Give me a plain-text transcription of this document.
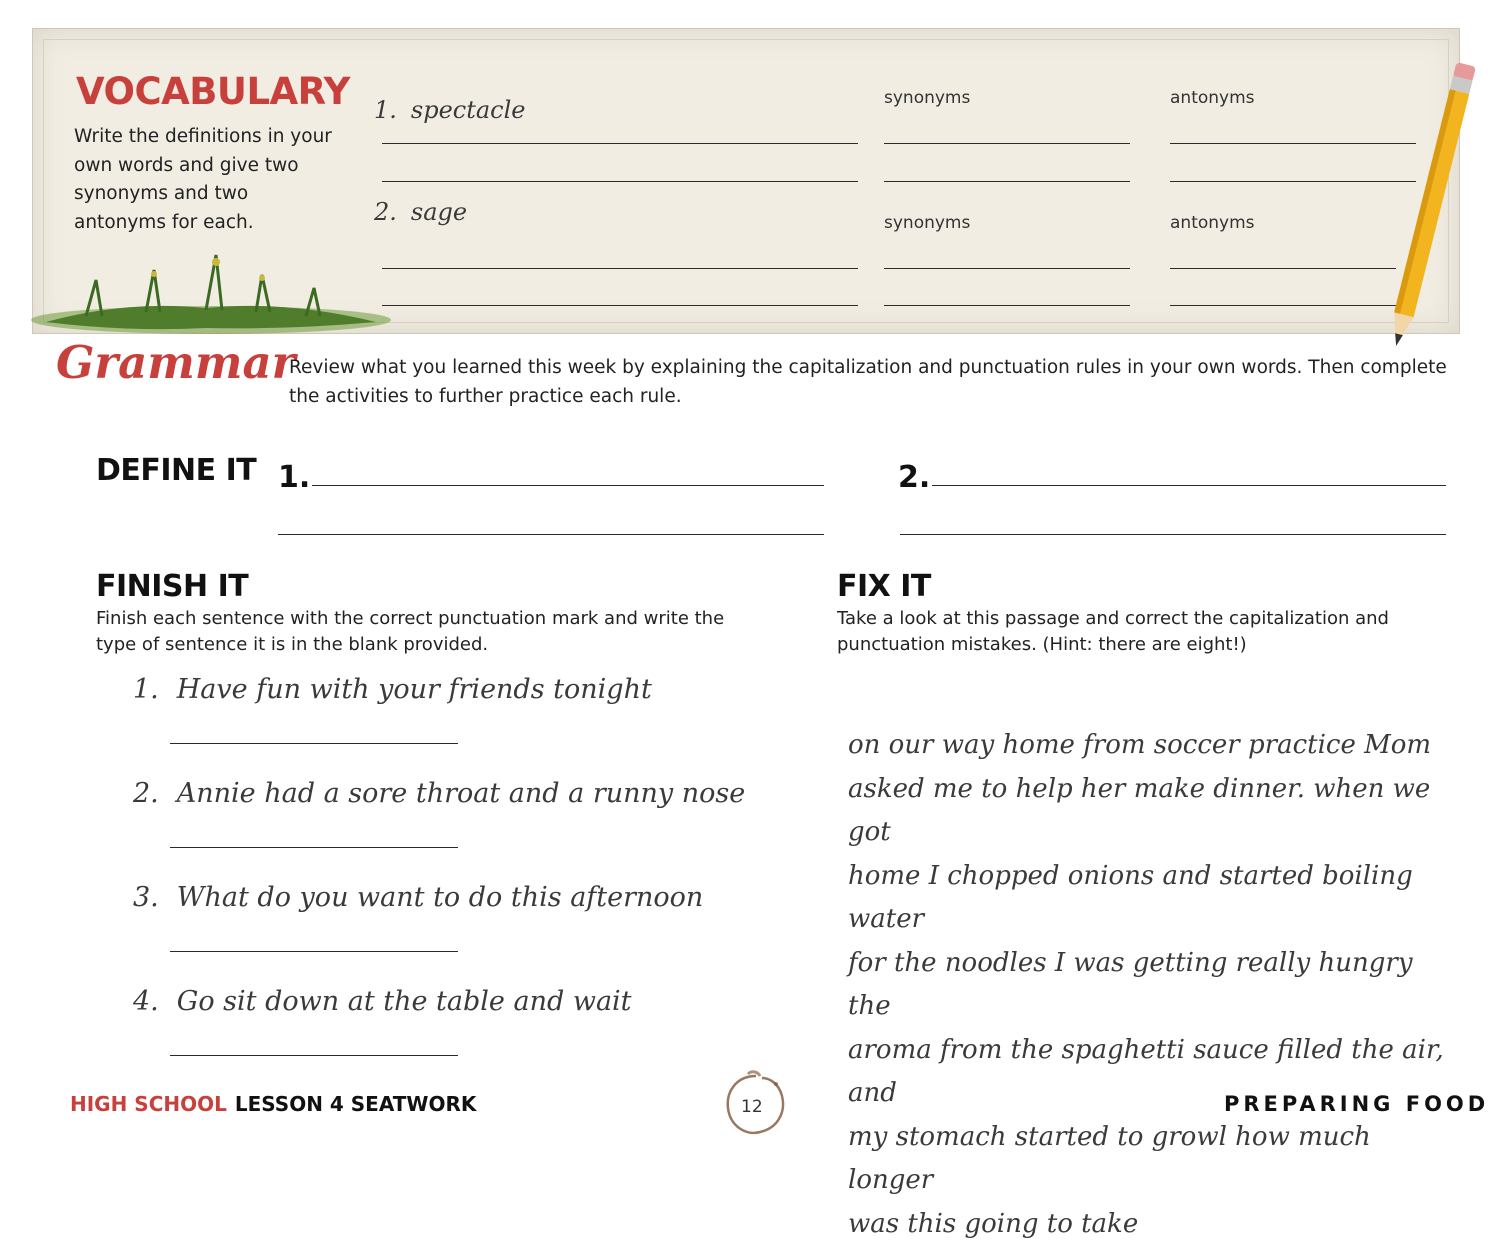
VOCABULARY

Write the definitions in your own words and give two synonyms and two antonyms for each.

1. spectacle	synonyms	antonyms
2. sage	synonyms	antonyms
Grammar

Review what you learned this week by explaining the capitalization and punctuation rules in your own words. Then complete the activities to further practice each rule.

DEFINE IT 1.	2.
FINISH IT

Finish each sentence with the correct punctuation mark and write the type of sentence it is in the blank provided.

1. Have fun with your friends tonight
2. Annie had a sore throat and a runny nose
3. What do you want to do this afternoon
4. Go sit down at the table and wait
FIX IT

Take a look at this passage and correct the capitalization and punctuation mistakes. (Hint: there are eight!)

on our way home from soccer practice Mom
asked me to help her make dinner. when we got
home I chopped onions and started boiling water
for the noodles I was getting really hungry the
aroma from the spaghetti sauce filled the air, and
my stomach started to growl how much longer
was this going to take

HIGH SCHOOL LESSON 4 SEATWORK	12	PREPARING FOOD
